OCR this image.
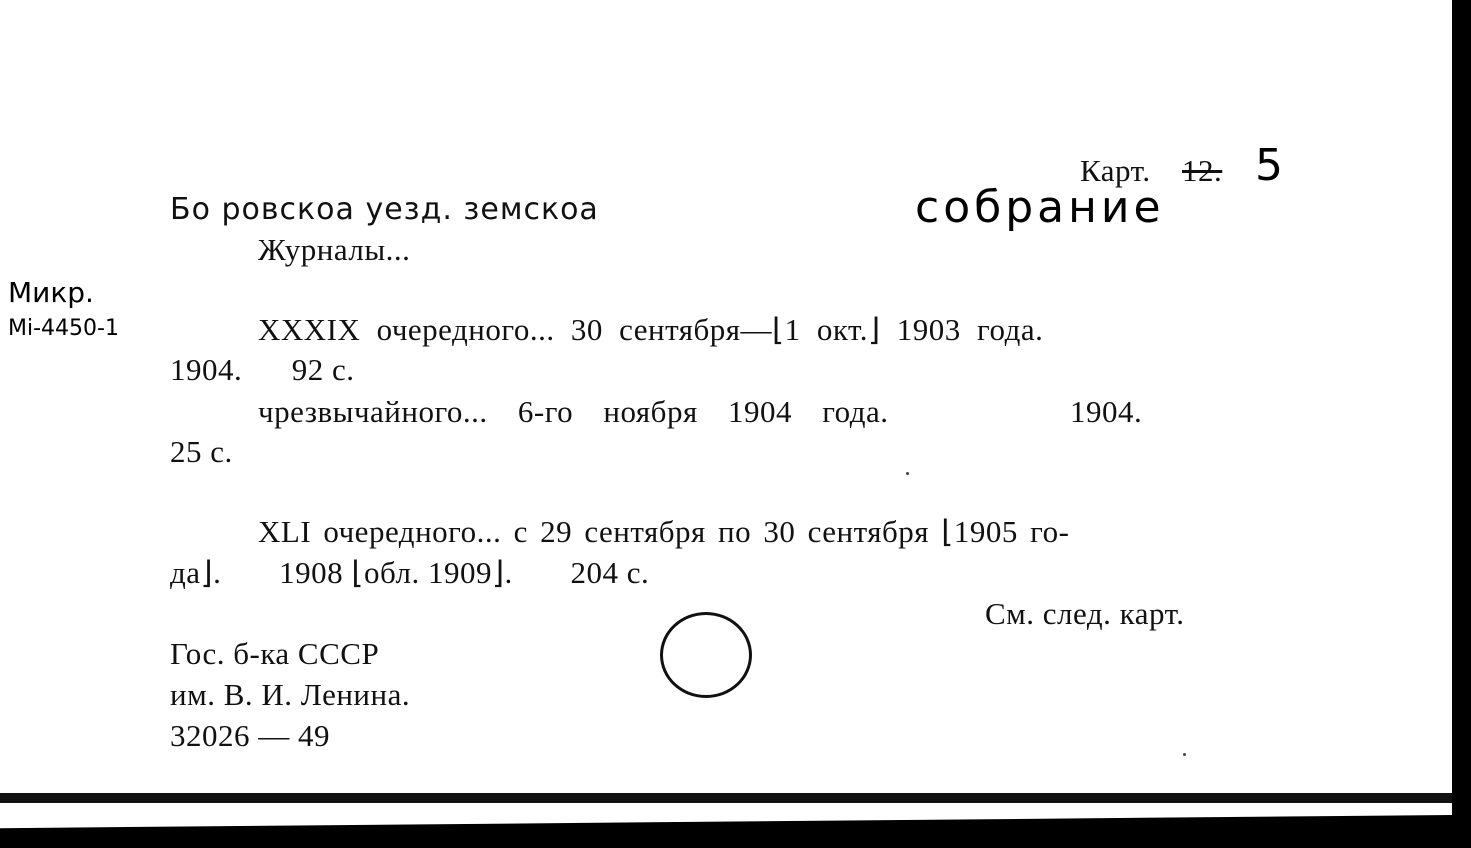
Карт. 12. 5
Бо ровскоа уезд. земскоа	собрание
Журналы...
Микр.
Mi-4450-1	XXXIX очередного... 30 сентября—⌊1 окт.⌋ 1903 года.
1904.      92 с.
чрезвычайного... 6-го ноября 1904 года.      1904.
25 с.
XLI очередного... с 29 сентября по 30 сентября ⌊1905 го-
да⌋.       1908 ⌊обл. 1909⌋.       204 с.
См. след. карт.
Гос. б-ка СССР
им. В. И. Ленина.
32026 — 49
